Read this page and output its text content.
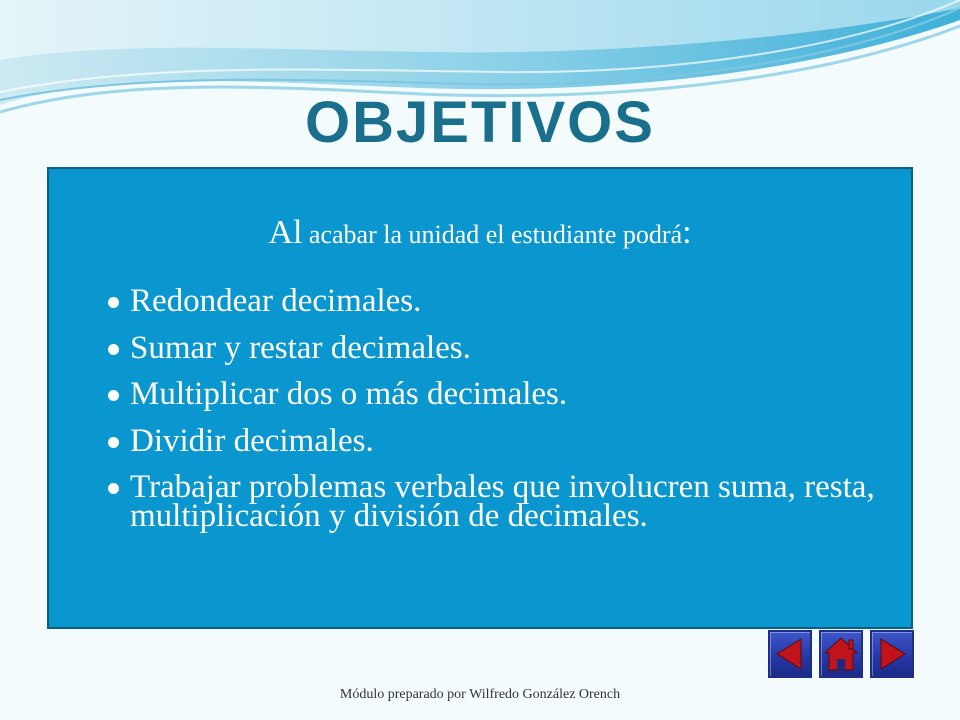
OBJETIVOS
Al acabar la unidad el estudiante podrá:
Redondear decimales.
Sumar y restar decimales.
Multiplicar dos o más decimales.
Dividir decimales.
Trabajar problemas verbales que involucren suma, resta, multiplicación y división de decimales.
Módulo preparado por Wilfredo González Orench
